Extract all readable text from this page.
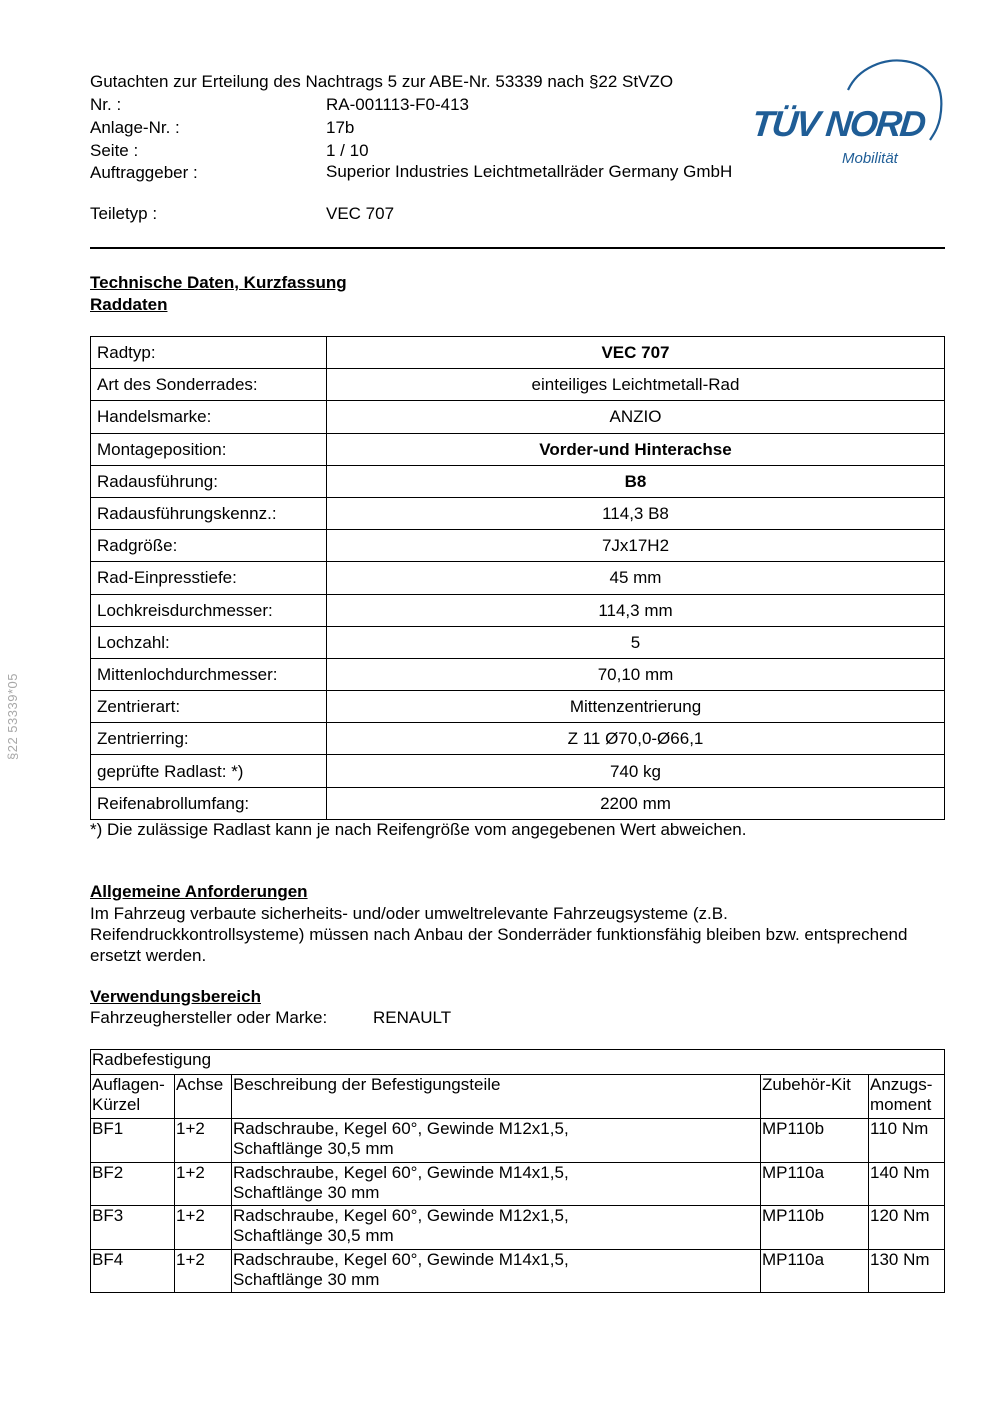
Gutachten zur Erteilung des Nachtrags 5 zur ABE-Nr. 53339 nach §22 StVZO
Nr. :	RA-001113-F0-413
Anlage-Nr. :	17b
Seite :	1 / 10
Auftraggeber :	Superior Industries Leichtmetallräder Germany GmbH
Teiletyp :	VEC 707
TÜV NORD
Mobilität
Technische Daten, Kurzfassung
Raddaten
Radtyp:	VEC 707
Art des Sonderrades:	einteiliges Leichtmetall-Rad
Handelsmarke:	ANZIO
Montageposition:	Vorder-und Hinterachse
Radausführung:	B8
Radausführungskennz.:	114,3 B8
Radgröße:	7Jx17H2
Rad-Einpresstiefe:	45 mm
Lochkreisdurchmesser:	114,3 mm
Lochzahl:	5
Mittenlochdurchmesser:	70,10 mm
Zentrierart:	Mittenzentrierung
Zentrierring:	Z 11 Ø70,0-Ø66,1
geprüfte Radlast: *)	740 kg
Reifenabrollumfang:	2200 mm
*) Die zulässige Radlast kann je nach Reifengröße vom angegebenen Wert abweichen.
Allgemeine Anforderungen
Im Fahrzeug verbaute sicherheits- und/oder umweltrelevante Fahrzeugsysteme (z.B. Reifendruckkontrollsysteme) müssen nach Anbau der Sonderräder funktionsfähig bleiben bzw. entsprechend ersetzt werden.
Verwendungsbereich
Fahrzeughersteller oder Marke:	RENAULT
Radbefestigung				
Auflagen-Kürzel	Achse	Beschreibung der Befestigungsteile	Zubehör-Kit	Anzugs-moment
BF1	1+2	Radschraube, Kegel 60°, Gewinde M12x1,5,
Schaftlänge 30,5 mm	MP110b	110 Nm
BF2	1+2	Radschraube, Kegel 60°, Gewinde M14x1,5,
Schaftlänge 30 mm	MP110a	140 Nm
BF3	1+2	Radschraube, Kegel 60°, Gewinde M12x1,5,
Schaftlänge 30,5 mm	MP110b	120 Nm
BF4	1+2	Radschraube, Kegel 60°, Gewinde M14x1,5,
Schaftlänge 30 mm	MP110a	130 Nm
§22 53339*05
